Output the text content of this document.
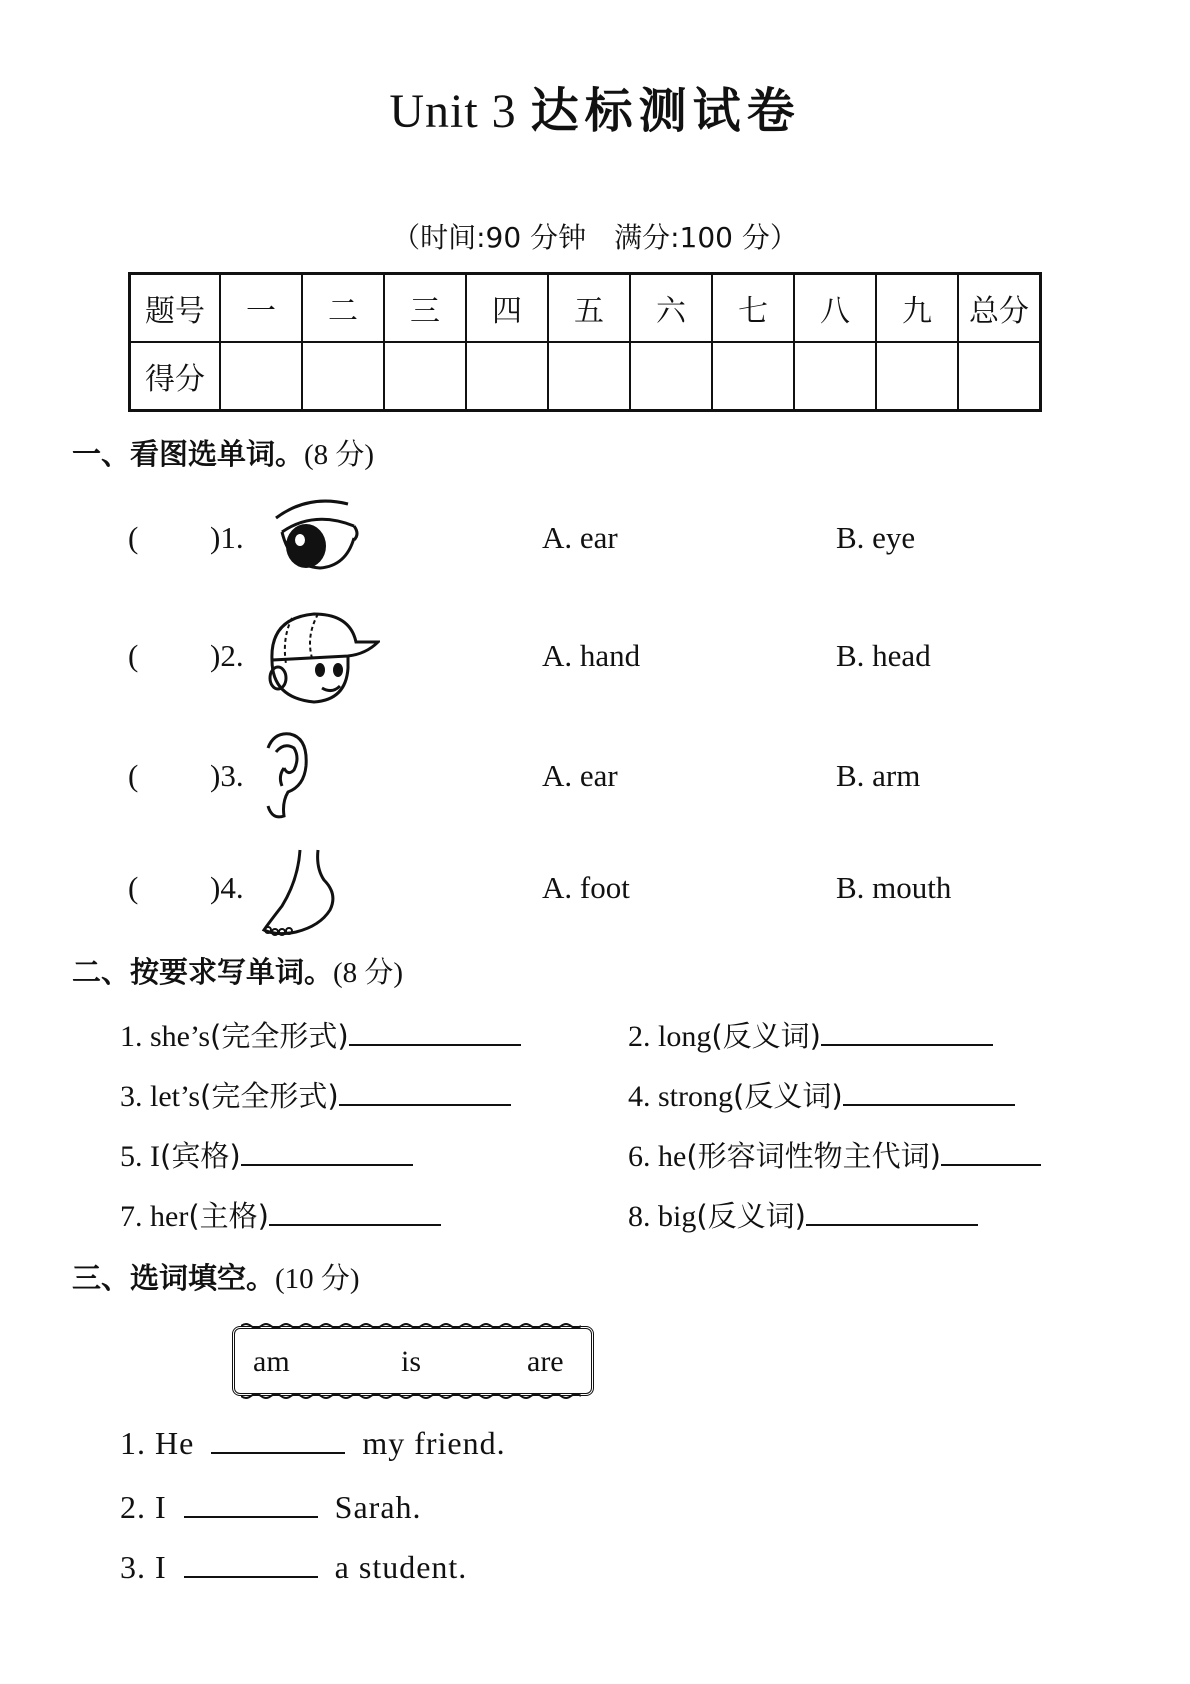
Unit 3 达标测试卷
（时间:90 分钟　满分:100 分）
题号	一	二	三	四	五	六	七	八	九	总分
得分										
一、看图选单词。(8 分)
( )1.	A. ear	B. eye
( )2.	A. hand	B. head
( )3.	A. ear	B. arm
( )4.	A. foot	B. mouth
二、按要求写单词。(8 分)
1. she’s(完全形式)	2. long(反义词)
3. let’s(完全形式)	4. strong(反义词)
5. I(宾格)	6. he(形容词性物主代词)
7. her(主格)	8. big(反义词)
三、选词填空。(10 分)
am	is	are
1. He	my friend.
2. I	Sarah.
3. I	a student.
